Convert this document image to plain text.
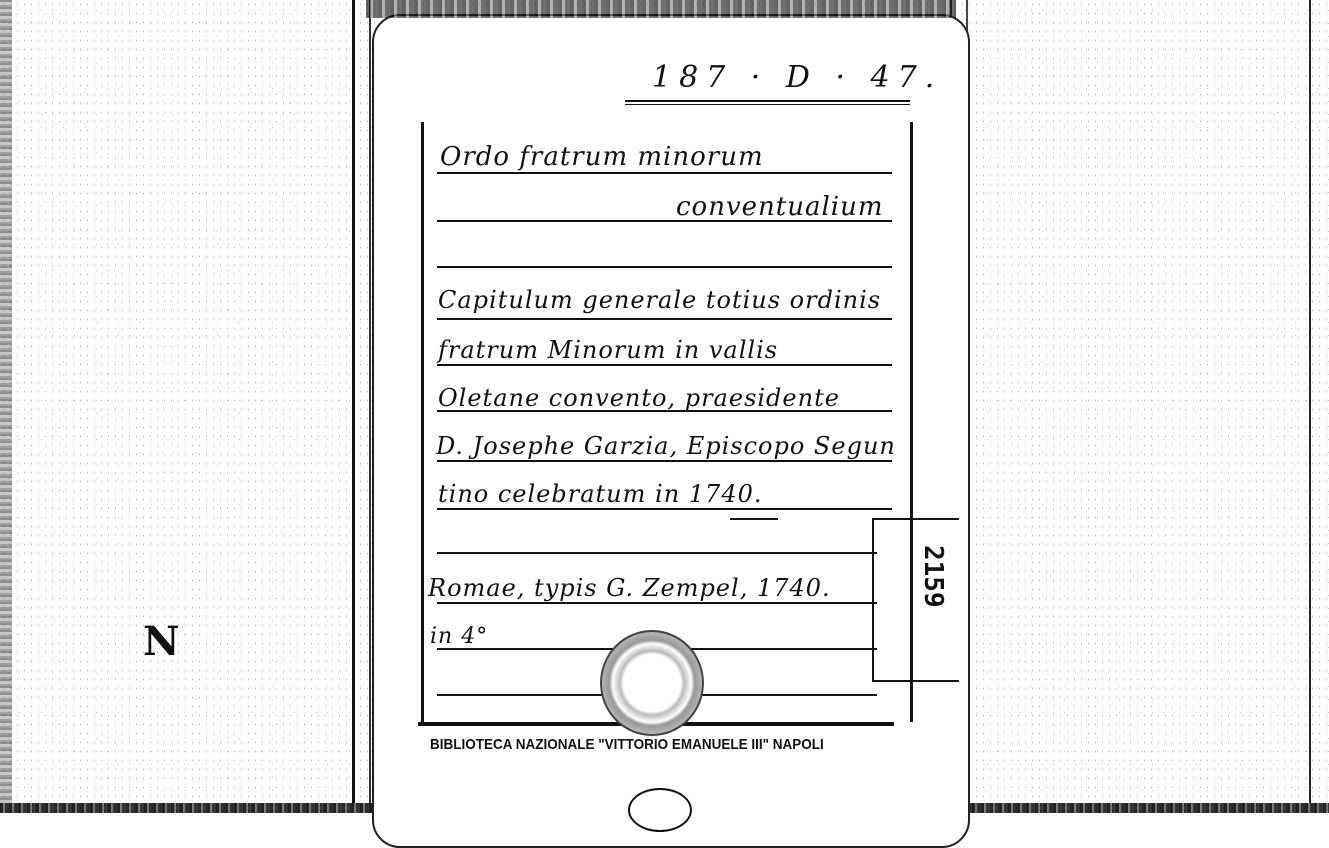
N
187 · D · 47.
Ordo fratrum minorum
conventualium
Capitulum generale totius ordinis
fratrum Minorum in vallis
Oletane convento, praesidente
D. Josephe Garzia, Episcopo Segun
tino celebratum in 1740.
Romae, typis G. Zempel, 1740.
in 4°
2159
BIBLIOTECA NAZIONALE "VITTORIO EMANUELE III" NAPOLI
